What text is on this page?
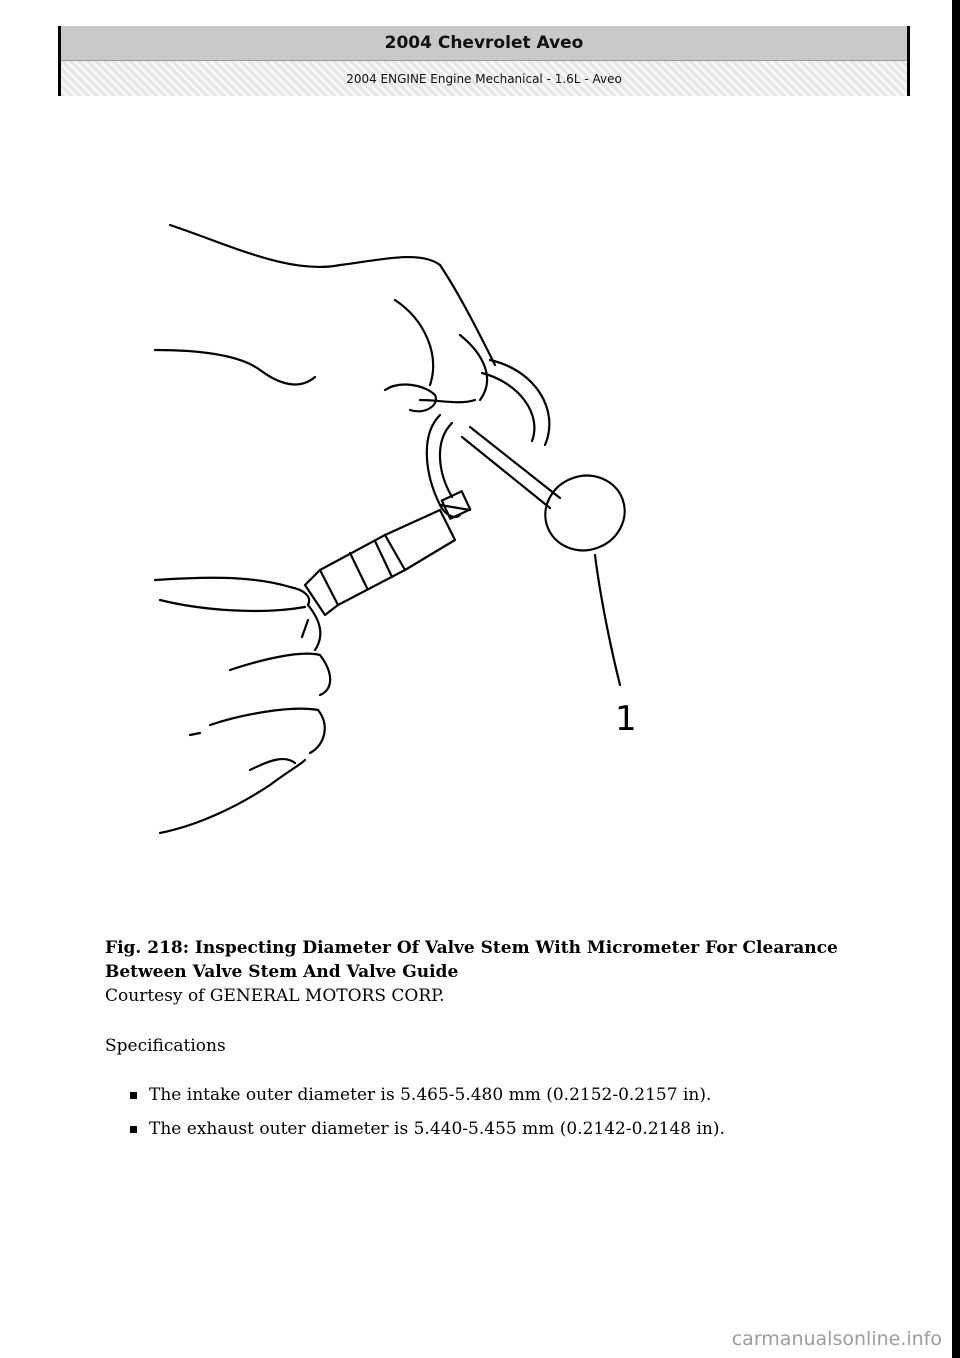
2004 Chevrolet Aveo
2004 ENGINE Engine Mechanical - 1.6L - Aveo
1
Fig. 218: Inspecting Diameter Of Valve Stem With Micrometer For Clearance
Between Valve Stem And Valve Guide
Courtesy of GENERAL MOTORS CORP.
Specifications
The intake outer diameter is 5.465-5.480 mm (0.2152-0.2157 in).
The exhaust outer diameter is 5.440-5.455 mm (0.2142-0.2148 in).
carmanualsonline.info
